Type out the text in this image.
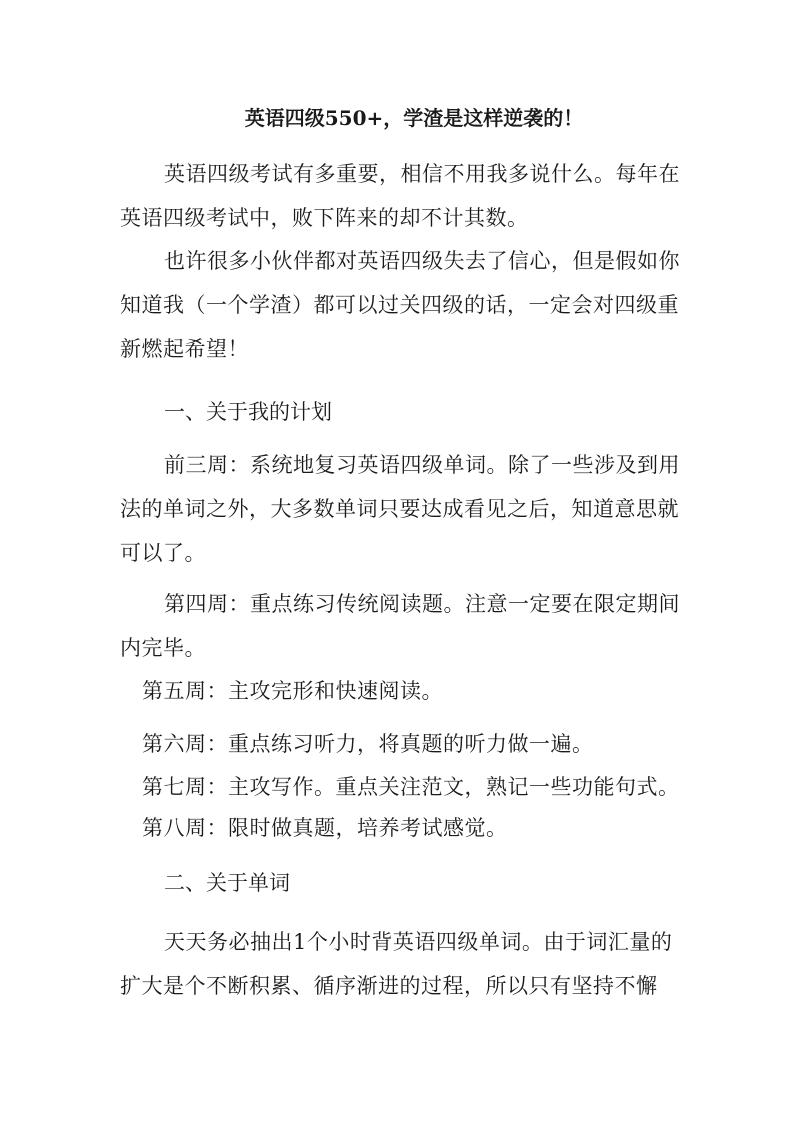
英语四级550+，学渣是这样逆袭的！
英语四级考试有多重要，相信不用我多说什么。每年在英语四级考试中，败下阵来的却不计其数。
也许很多小伙伴都对英语四级失去了信心，但是假如你知道我（一个学渣）都可以过关四级的话，一定会对四级重新燃起希望！
一、关于我的计划
前三周：系统地复习英语四级单词。除了一些涉及到用法的单词之外，大多数单词只要达成看见之后，知道意思就可以了。
第四周：重点练习传统阅读题。注意一定要在限定期间内完毕。
第五周：主攻完形和快速阅读。
第六周：重点练习听力，将真题的听力做一遍。
第七周：主攻写作。重点关注范文，熟记一些功能句式。
第八周：限时做真题，培养考试感觉。
二、关于单词
天天务必抽出1个小时背英语四级单词。由于词汇量的扩大是个不断积累、循序渐进的过程，所以只有坚持不懈
